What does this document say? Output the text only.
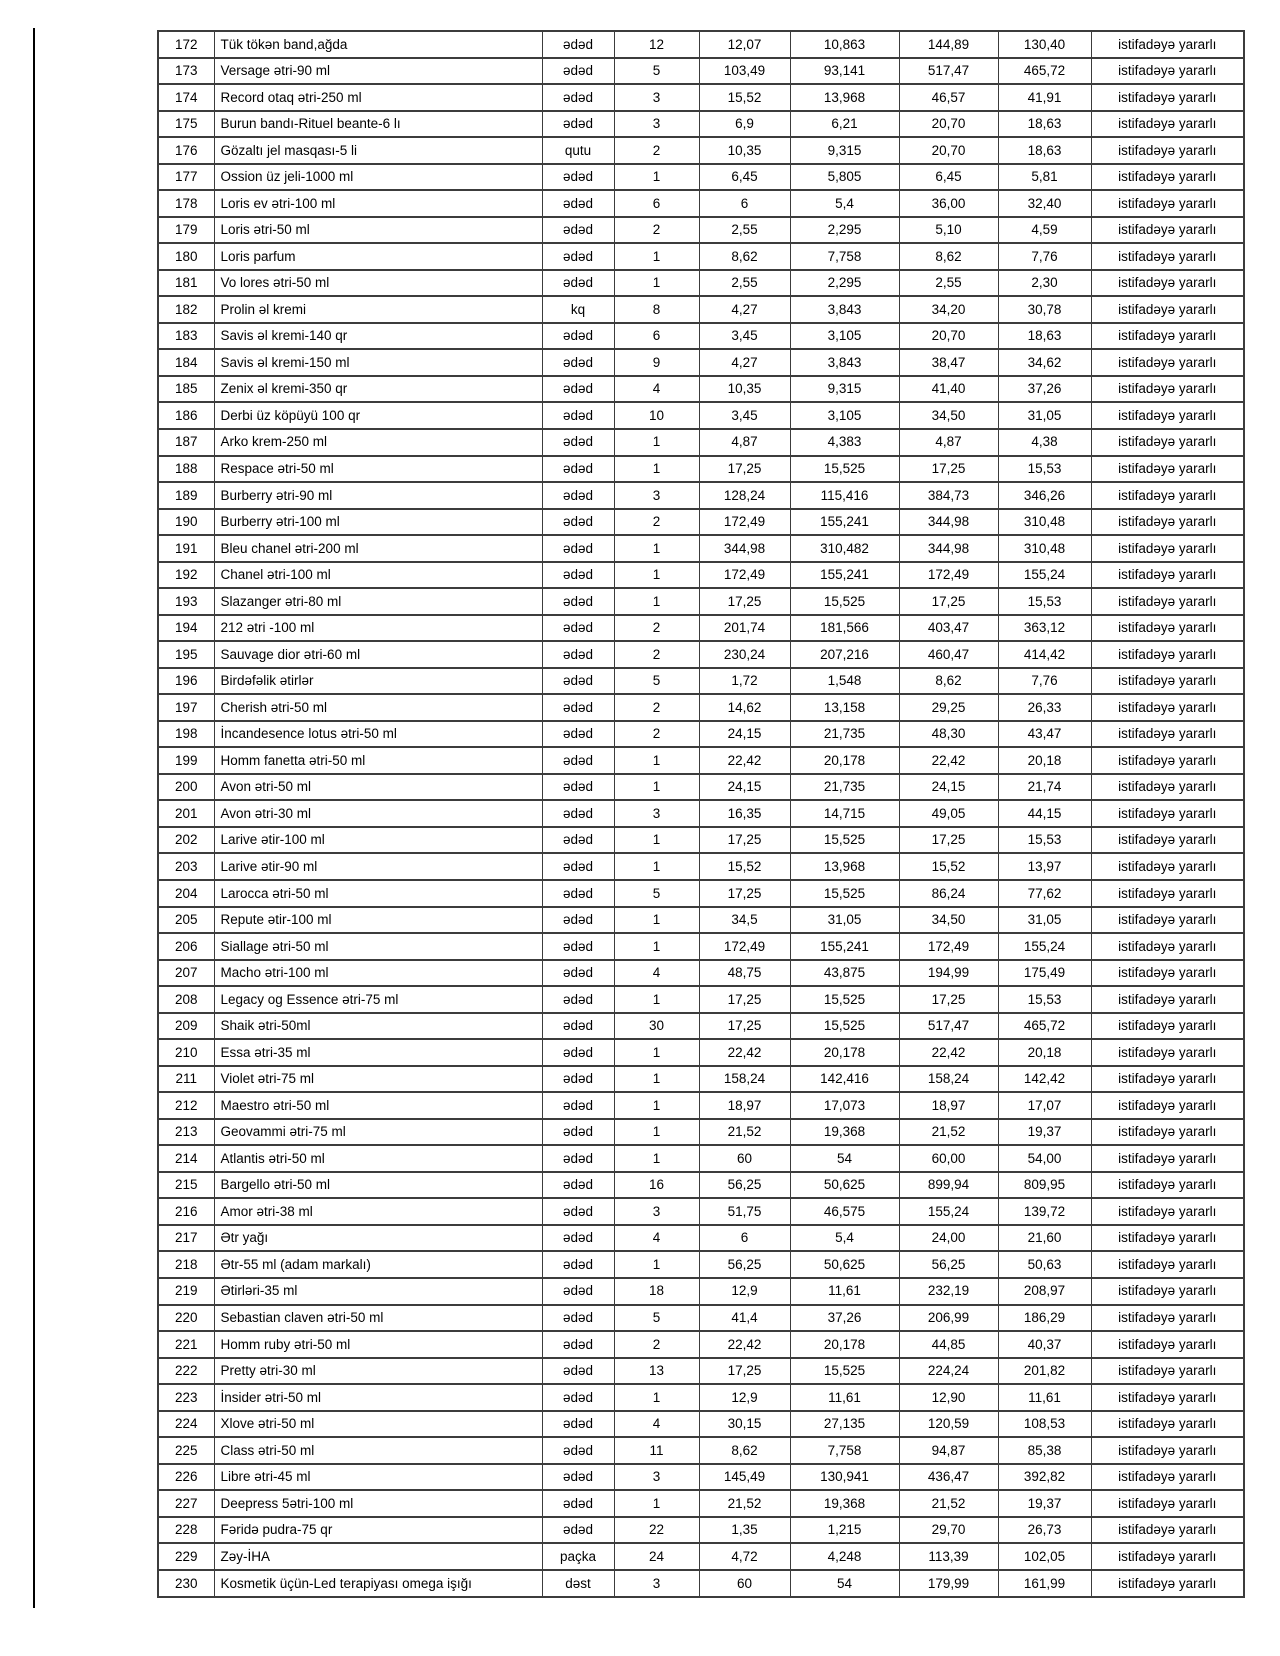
172	Tük tökən band,ağda	ədəd	12	12,07	10,863	144,89	130,40	istifadəyə yararlı
173	Versage ətri-90 ml	ədəd	5	103,49	93,141	517,47	465,72	istifadəyə yararlı
174	Record otaq ətri-250 ml	ədəd	3	15,52	13,968	46,57	41,91	istifadəyə yararlı
175	Burun bandı-Rituel beante-6 lı	ədəd	3	6,9	6,21	20,70	18,63	istifadəyə yararlı
176	Gözaltı jel masqası-5 li	qutu	2	10,35	9,315	20,70	18,63	istifadəyə yararlı
177	Ossion üz jeli-1000 ml	ədəd	1	6,45	5,805	6,45	5,81	istifadəyə yararlı
178	Loris ev ətri-100 ml	ədəd	6	6	5,4	36,00	32,40	istifadəyə yararlı
179	Loris ətri-50 ml	ədəd	2	2,55	2,295	5,10	4,59	istifadəyə yararlı
180	Loris parfum	ədəd	1	8,62	7,758	8,62	7,76	istifadəyə yararlı
181	Vo lores ətri-50 ml	ədəd	1	2,55	2,295	2,55	2,30	istifadəyə yararlı
182	Prolin əl kremi	kq	8	4,27	3,843	34,20	30,78	istifadəyə yararlı
183	Savis əl kremi-140 qr	ədəd	6	3,45	3,105	20,70	18,63	istifadəyə yararlı
184	Savis əl kremi-150 ml	ədəd	9	4,27	3,843	38,47	34,62	istifadəyə yararlı
185	Zenix əl kremi-350 qr	ədəd	4	10,35	9,315	41,40	37,26	istifadəyə yararlı
186	Derbi üz köpüyü 100 qr	ədəd	10	3,45	3,105	34,50	31,05	istifadəyə yararlı
187	Arko krem-250 ml	ədəd	1	4,87	4,383	4,87	4,38	istifadəyə yararlı
188	Respace ətri-50 ml	ədəd	1	17,25	15,525	17,25	15,53	istifadəyə yararlı
189	Burberry ətri-90 ml	ədəd	3	128,24	115,416	384,73	346,26	istifadəyə yararlı
190	Burberry ətri-100 ml	ədəd	2	172,49	155,241	344,98	310,48	istifadəyə yararlı
191	Bleu chanel ətri-200 ml	ədəd	1	344,98	310,482	344,98	310,48	istifadəyə yararlı
192	Chanel ətri-100 ml	ədəd	1	172,49	155,241	172,49	155,24	istifadəyə yararlı
193	Slazanger ətri-80 ml	ədəd	1	17,25	15,525	17,25	15,53	istifadəyə yararlı
194	212 ətri -100 ml	ədəd	2	201,74	181,566	403,47	363,12	istifadəyə yararlı
195	Sauvage dior ətri-60 ml	ədəd	2	230,24	207,216	460,47	414,42	istifadəyə yararlı
196	Birdəfəlik ətirlər	ədəd	5	1,72	1,548	8,62	7,76	istifadəyə yararlı
197	Cherish ətri-50 ml	ədəd	2	14,62	13,158	29,25	26,33	istifadəyə yararlı
198	İncandesence lotus ətri-50 ml	ədəd	2	24,15	21,735	48,30	43,47	istifadəyə yararlı
199	Homm fanetta ətri-50 ml	ədəd	1	22,42	20,178	22,42	20,18	istifadəyə yararlı
200	Avon ətri-50 ml	ədəd	1	24,15	21,735	24,15	21,74	istifadəyə yararlı
201	Avon ətri-30 ml	ədəd	3	16,35	14,715	49,05	44,15	istifadəyə yararlı
202	Larive ətir-100 ml	ədəd	1	17,25	15,525	17,25	15,53	istifadəyə yararlı
203	Larive ətir-90 ml	ədəd	1	15,52	13,968	15,52	13,97	istifadəyə yararlı
204	Larocca ətri-50 ml	ədəd	5	17,25	15,525	86,24	77,62	istifadəyə yararlı
205	Repute ətir-100 ml	ədəd	1	34,5	31,05	34,50	31,05	istifadəyə yararlı
206	Siallage ətri-50 ml	ədəd	1	172,49	155,241	172,49	155,24	istifadəyə yararlı
207	Macho ətri-100 ml	ədəd	4	48,75	43,875	194,99	175,49	istifadəyə yararlı
208	Legacy og Essence ətri-75 ml	ədəd	1	17,25	15,525	17,25	15,53	istifadəyə yararlı
209	Shaik ətri-50ml	ədəd	30	17,25	15,525	517,47	465,72	istifadəyə yararlı
210	Essa ətri-35 ml	ədəd	1	22,42	20,178	22,42	20,18	istifadəyə yararlı
211	Violet ətri-75 ml	ədəd	1	158,24	142,416	158,24	142,42	istifadəyə yararlı
212	Maestro ətri-50 ml	ədəd	1	18,97	17,073	18,97	17,07	istifadəyə yararlı
213	Geovammi ətri-75 ml	ədəd	1	21,52	19,368	21,52	19,37	istifadəyə yararlı
214	Atlantis ətri-50 ml	ədəd	1	60	54	60,00	54,00	istifadəyə yararlı
215	Bargello ətri-50 ml	ədəd	16	56,25	50,625	899,94	809,95	istifadəyə yararlı
216	Amor ətri-38 ml	ədəd	3	51,75	46,575	155,24	139,72	istifadəyə yararlı
217	Ətr yağı	ədəd	4	6	5,4	24,00	21,60	istifadəyə yararlı
218	Ətr-55 ml (adam markalı)	ədəd	1	56,25	50,625	56,25	50,63	istifadəyə yararlı
219	Ətirləri-35 ml	ədəd	18	12,9	11,61	232,19	208,97	istifadəyə yararlı
220	Sebastian claven ətri-50 ml	ədəd	5	41,4	37,26	206,99	186,29	istifadəyə yararlı
221	Homm ruby ətri-50 ml	ədəd	2	22,42	20,178	44,85	40,37	istifadəyə yararlı
222	Pretty ətri-30 ml	ədəd	13	17,25	15,525	224,24	201,82	istifadəyə yararlı
223	İnsider ətri-50 ml	ədəd	1	12,9	11,61	12,90	11,61	istifadəyə yararlı
224	Xlove ətri-50 ml	ədəd	4	30,15	27,135	120,59	108,53	istifadəyə yararlı
225	Class ətri-50 ml	ədəd	11	8,62	7,758	94,87	85,38	istifadəyə yararlı
226	Libre ətri-45 ml	ədəd	3	145,49	130,941	436,47	392,82	istifadəyə yararlı
227	Deepress 5ətri-100 ml	ədəd	1	21,52	19,368	21,52	19,37	istifadəyə yararlı
228	Fəridə pudra-75 qr	ədəd	22	1,35	1,215	29,70	26,73	istifadəyə yararlı
229	Zəy-İHA	paçka	24	4,72	4,248	113,39	102,05	istifadəyə yararlı
230	Kosmetik üçün-Led terapiyası omega işığı	dəst	3	60	54	179,99	161,99	istifadəyə yararlı
